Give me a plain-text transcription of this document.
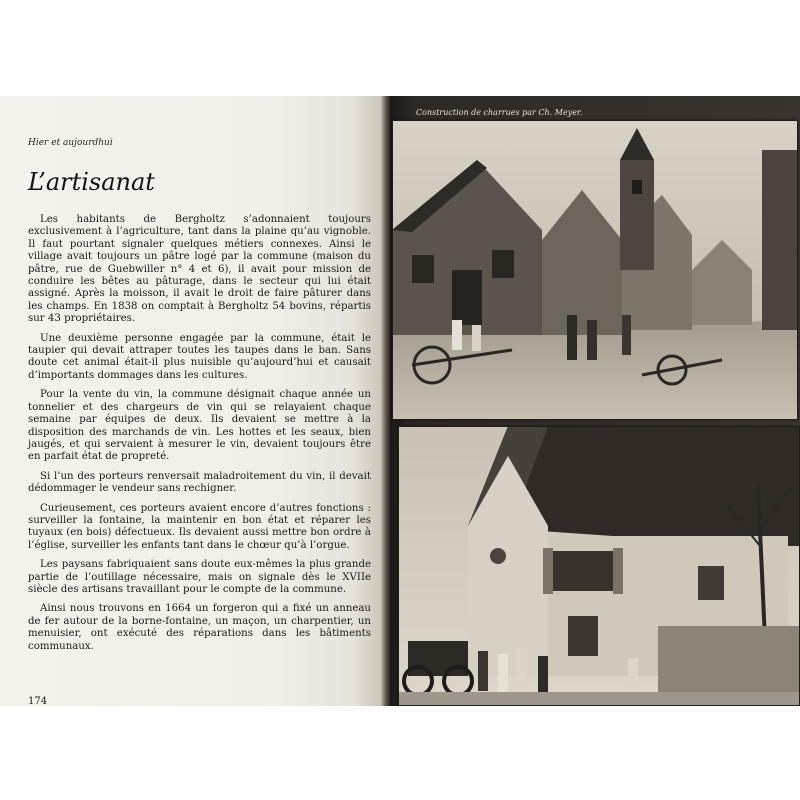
Hier et aujourdhui
L’artisanat

Les habitants de Bergholtz s’adonnaient toujours exclusivement à l’agriculture, tant dans la plaine qu’au vignoble. Il faut pourtant signaler quelques métiers connexes. Ainsi le village avait toujours un pâtre logé par la commune (maison du pâtre, rue de Guebwiller n° 4 et 6), il avait pour mission de conduire les bêtes au pâturage, dans le secteur qui lui était assigné. Après la moisson, il avait le droit de faire pâturer dans les champs. En 1838 on comptait à Bergholtz 54 bovins, répartis sur 43 propriétaires.

Une deuxième personne engagée par la commune, était le taupier qui devait attraper toutes les taupes dans le ban. Sans doute cet animal était-il plus nuisible qu’aujourd’hui et causait d’importants dommages dans les cultures.

Pour la vente du vin, la commune désignait chaque année un tonnelier et des chargeurs de vin qui se relayaient chaque semaine par équipes de deux. Ils devaient se mettre à la disposition des marchands de vin. Les hottes et les seaux, bien jaugés, et qui servaient à mesurer le vin, devaient toujours être en parfait état de propreté.

Si l’un des porteurs renversait maladroitement du vin, il devait dédommager le vendeur sans rechigner.

Curieusement, ces porteurs avaient encore d’autres fonctions : surveiller la fontaine, la maintenir en bon état et réparer les tuyaux (en bois) défectueux. Ils devaient aussi mettre bon ordre à l’église, surveiller les enfants tant dans le chœur qu’à l’orgue.

Les paysans fabriquaient sans doute eux-mêmes la plus grande partie de l’outillage nécessaire, mais on signale dès le XVIIe siècle des artisans travaillant pour le compte de la commune.

Ainsi nous trouvons en 1664 un forgeron qui a fixé un anneau de fer autour de la borne-fontaine, un maçon, un charpentier, un menuisier, ont exécuté des réparations dans les bâtiments communaux.

174
Construction de charrues par Ch. Meyer.
